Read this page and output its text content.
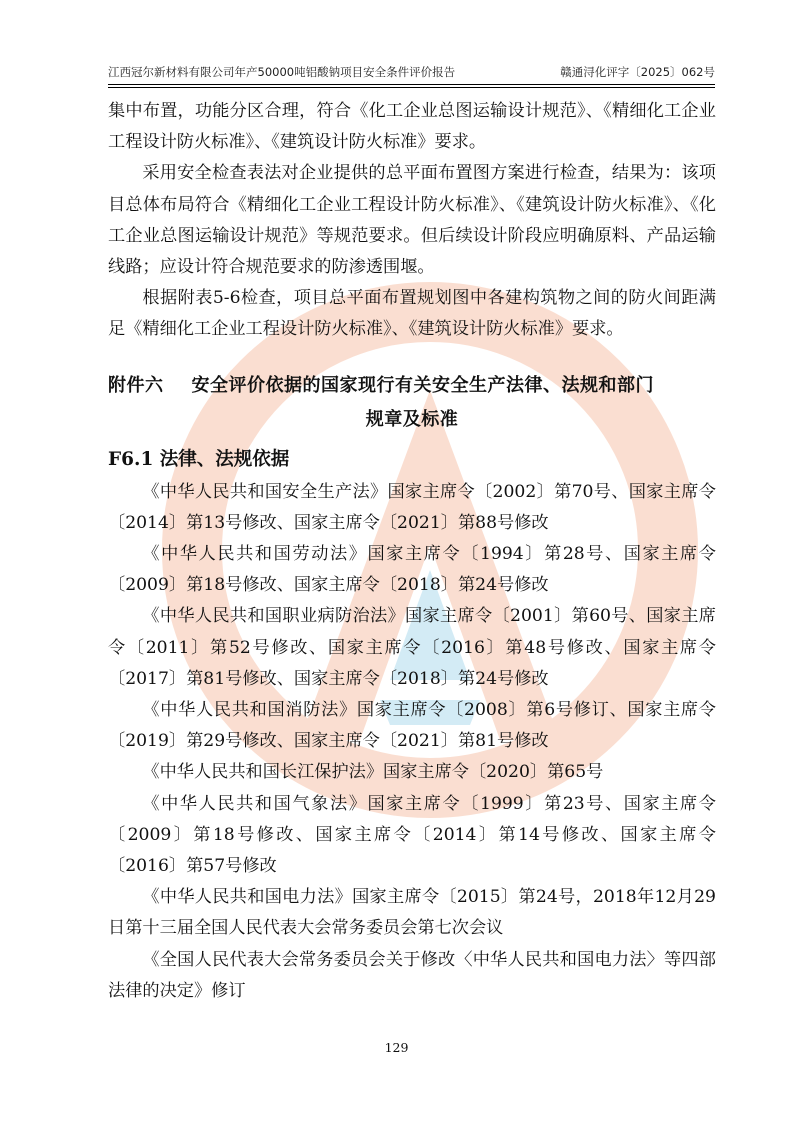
江西冠尔新材料有限公司年产50000吨铝酸钠项目安全条件评价报告	赣通浔化评字〔2025〕062号

集中布置，功能分区合理，符合《化工企业总图运输设计规范》、《精细化工企业工程设计防火标准》、《建筑设计防火标准》要求。

采用安全检查表法对企业提供的总平面布置图方案进行检查，结果为：该项目总体布局符合《精细化工企业工程设计防火标准》、《建筑设计防火标准》、《化工企业总图运输设计规范》等规范要求。但后续设计阶段应明确原料、产品运输线路；应设计符合规范要求的防渗透围堰。

根据附表5-6检查，项目总平面布置规划图中各建构筑物之间的防火间距满足《精细化工企业工程设计防火标准》、《建筑设计防火标准》要求。

附件六 安全评价依据的国家现行有关安全生产法律、法规和部门
规章及标准
F6.1 法律、法规依据

《中华人民共和国安全生产法》国家主席令〔2002〕第70号、国家主席令〔2014〕第13号修改、国家主席令〔2021〕第88号修改

《中华人民共和国劳动法》国家主席令〔1994〕第28号、国家主席令〔2009〕第18号修改、国家主席令〔2018〕第24号修改

《中华人民共和国职业病防治法》国家主席令〔2001〕第60号、国家主席令〔2011〕第52号修改、国家主席令〔2016〕第48号修改、国家主席令〔2017〕第81号修改、国家主席令〔2018〕第24号修改

《中华人民共和国消防法》国家主席令〔2008〕第6号修订、国家主席令〔2019〕第29号修改、国家主席令〔2021〕第81号修改

《中华人民共和国长江保护法》国家主席令〔2020〕第65号

《中华人民共和国气象法》国家主席令〔1999〕第23号、国家主席令〔2009〕第18号修改、国家主席令〔2014〕第14号修改、国家主席令〔2016〕第57号修改

《中华人民共和国电力法》国家主席令〔2015〕第24号，2018年12月29日第十三届全国人民代表大会常务委员会第七次会议

《全国人民代表大会常务委员会关于修改〈中华人民共和国电力法〉等四部法律的决定》修订

129
